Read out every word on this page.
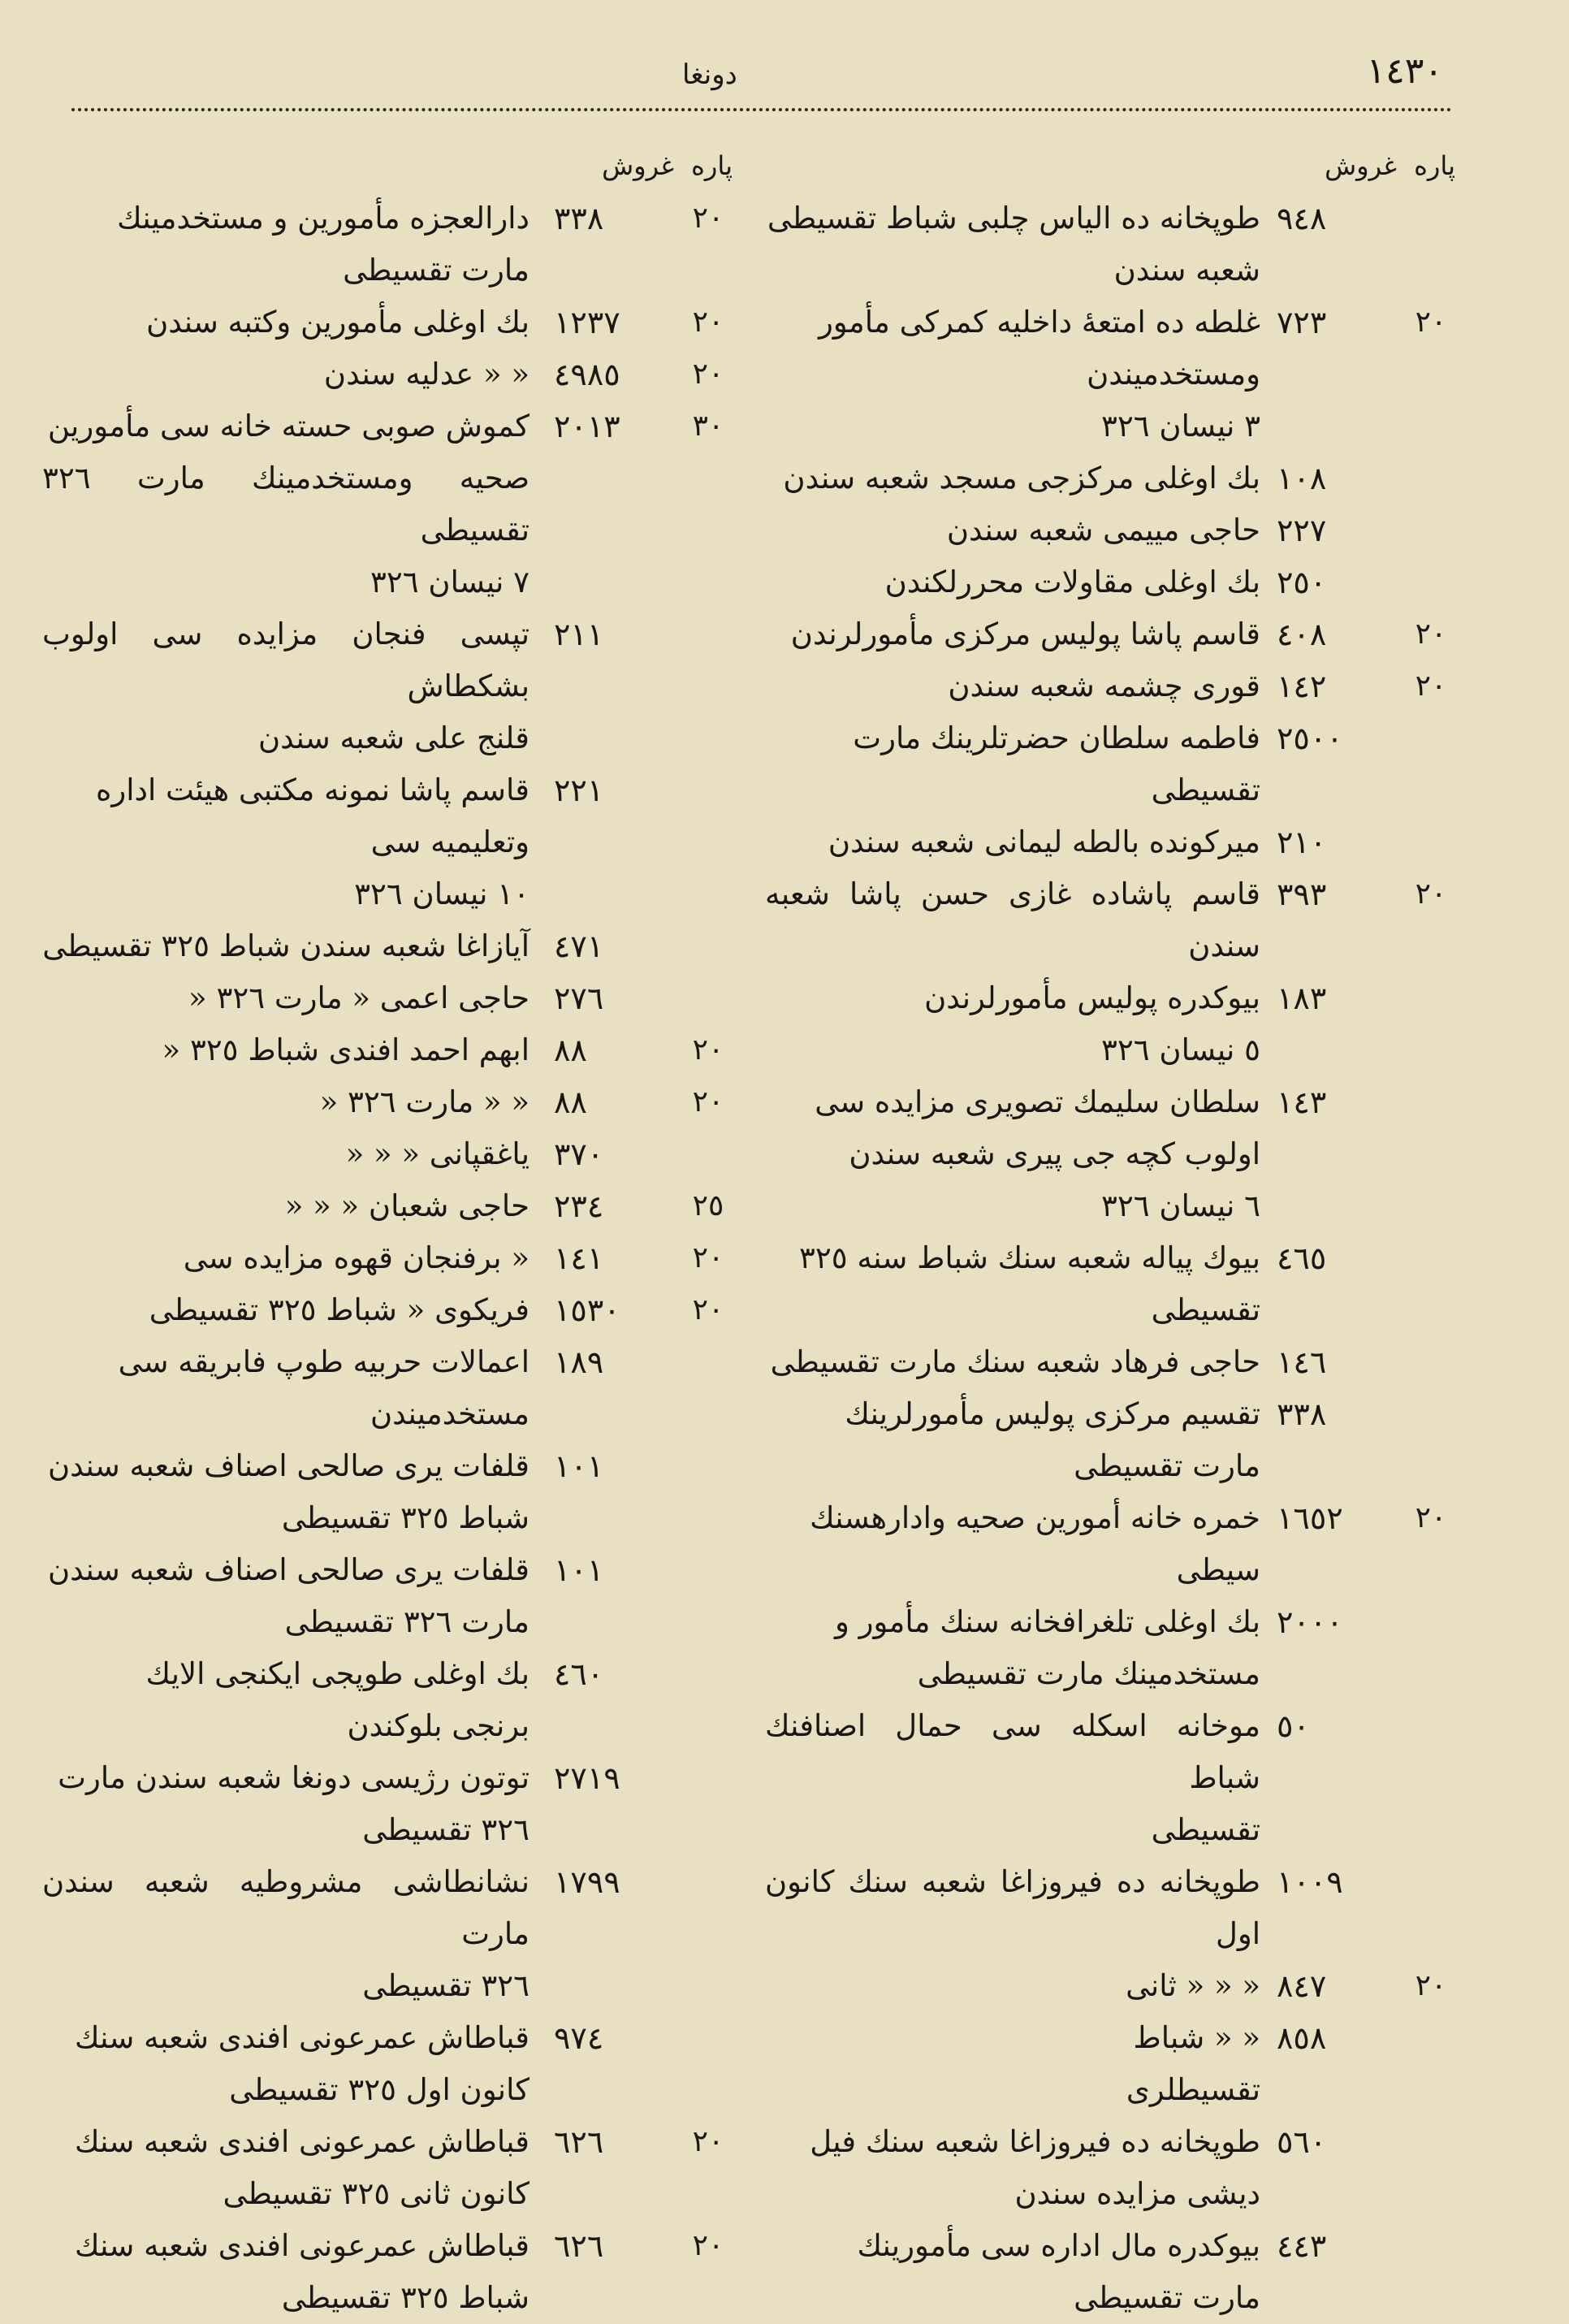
١٤٣٠
دونغا
پاره
غروش
٩٤٨
طوپخانه ده الیاس چلبی شباط تقسیطی
شعبه سندن
٢٠
٧٢٣
غلطه ده امتعهٔ داخلیه کمرکی مأمور
ومستخدمیندن
٣ نیسان ٣٢٦
١٠٨
بك اوغلی مرکزجی مسجد شعبه سندن
٢٢٧
حاجی مییمی شعبه سندن
٢٥٠
بك اوغلی مقاولات محررلکندن
٢٠
٤٠٨
قاسم پاشا پولیس مرکزی مأمورلرندن
٢٠
١٤٢
قوری چشمه شعبه سندن
٢٥٠٠
فاطمه سلطان حضرتلرینك مارت
تقسیطی
٢١٠
میرکونده بالطه لیمانی شعبه سندن
٢٠
٣٩٣
قاسم پاشاده غازی حسن پاشا شعبه سندن
١٨٣
بیوکدره پولیس مأمورلرندن
٥ نیسان ٣٢٦
١٤٣
سلطان سلیمك تصویری مزایده سی
اولوب کچه جی پیری شعبه سندن
٦ نیسان ٣٢٦
٤٦٥
بیوك پیاله شعبه سنك شباط سنه ٣٢٥
تقسیطی
١٤٦
حاجی فرهاد شعبه سنك مارت تقسیطی
٣٣٨
تقسیم مرکزی پولیس مأمورلرینك
مارت تقسیطی
٢٠
١٦٥٢
خمره خانه أمورین صحیه وادارهسنك
سیطی
٢٠٠٠
بك اوغلی تلغرافخانه سنك مأمور و
مستخدمینك مارت تقسیطی
٥٠
موخانه اسکله سی حمال اصنافنك شباط
تقسیطی
١٠٠٩
طوپخانه ده فیروزاغا شعبه سنك کانون اول
٢٠
٨٤٧
« « « ثانی
٨٥٨
« « شباط
تقسیطلری
٥٦٠
طوپخانه ده فیروزاغا شعبه سنك فیل
دیشی مزایده سندن
٤٤٣
بیوکدره مال اداره سی مأمورینك
مارت تقسیطی
پاره
غروش
٢٠
٣٣٨
دارالعجزه مأمورین و مستخدمینك
مارت تقسیطی
٢٠
١٢٣٧
بك اوغلی مأمورین وکتبه سندن
٢٠
٤٩٨٥
« « عدلیه سندن
٣٠
٢٠١٣
کموش صوبی حسته خانه سی مأمورین
صحیه ومستخدمینك مارت ٣٢٦ تقسیطی
٧ نیسان ٣٢٦
٢١١
تپسی فنجان مزایده سی اولوب بشکطاش
قلنج علی شعبه سندن
٢٢١
قاسم پاشا نمونه مکتبی هیئت اداره
وتعلیمیه سی
١٠ نیسان ٣٢٦
٤٧١
آیازاغا شعبه سندن شباط ٣٢٥ تقسیطی
٢٧٦
حاجی اعمی « مارت ٣٢٦ «
٢٠
٨٨
ابهم احمد افندی شباط ٣٢٥ «
٢٠
٨٨
« « مارت ٣٢٦ «
٣٧٠
یاغقپانی « « «
٢٥
٢٣٤
حاجی شعبان « « «
٢٠
١٤١
« برفنجان قهوه مزایده سی
٢٠
١٥٣٠
فریکوی « شباط ٣٢٥ تقسیطی
١٨٩
اعمالات حربیه طوپ فابریقه سی
مستخدمیندن
١٠١
قلفات یری صالحی اصناف شعبه سندن
شباط ٣٢٥ تقسیطی
١٠١
قلفات یری صالحی اصناف شعبه سندن
مارت ٣٢٦ تقسیطی
٤٦٠
بك اوغلی طوپجی ایکنجی الایك
برنجی بلوکندن
٢٧١٩
توتون رژیسی دونغا شعبه سندن مارت
٣٢٦ تقسیطی
١٧٩٩
نشانطاشی مشروطیه شعبه سندن مارت
٣٢٦ تقسیطی
٩٧٤
قباطاش عمرعونی افندی شعبه سنك
کانون اول ٣٢٥ تقسیطی
٢٠
٦٢٦
قباطاش عمرعونی افندی شعبه سنك
کانون ثانی ٣٢٥ تقسیطی
٢٠
٦٢٦
قباطاش عمرعونی افندی شعبه سنك
شباط ٣٢٥ تقسیطی
